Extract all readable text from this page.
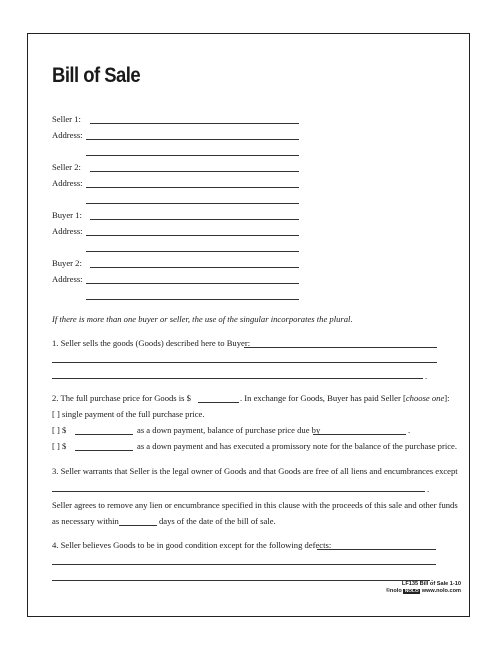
Bill of Sale
Seller 1:
Address:
Seller 2:
Address:
Buyer 1:
Address:
Buyer 2:
Address:
If there is more than one buyer or seller, the use of the singular incorporates the plural.
1. Seller sells the goods (Goods) described here to Buyer:
.
2. The full purchase price for Goods is $	. In exchange for Goods, Buyer has paid Seller [choose one]:
[ ] single payment of the full purchase price.
[ ] $	as a down payment, balance of purchase price due by	.
[ ] $	as a down payment and has executed a promissory note for the balance of the purchase price.
3. Seller warrants that Seller is the legal owner of Goods and that Goods are free of all liens and encumbrances except
.
Seller agrees to remove any lien or encumbrance specified in this clause with the proceeds of this sale and other funds
as necessary within	days of the date of the bill of sale.
4. Seller believes Goods to be in good condition except for the following defects:
.
LF135 Bill of Sale 1-10
©nolo NOLO www.nolo.com
